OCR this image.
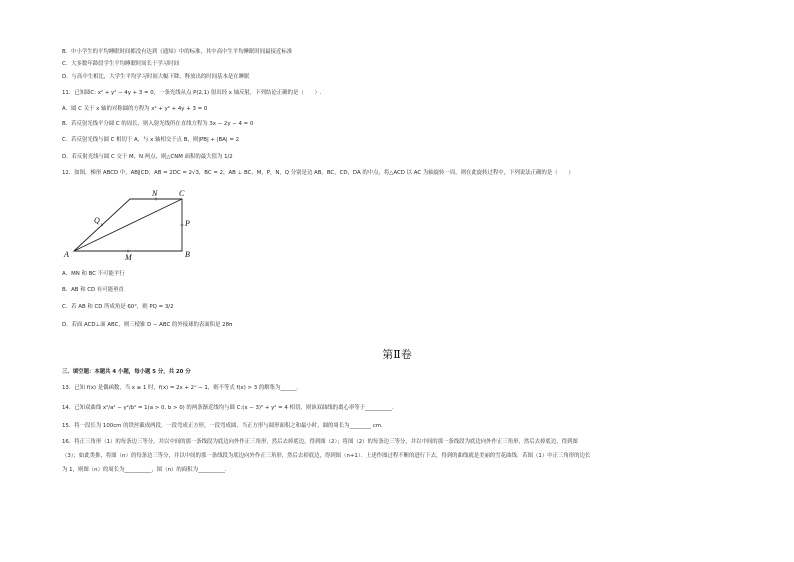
B．中小学生的平均睡眠时间都没有达到《通知》中的标准，其中高中生平均睡眠时间最接近标准
C．大多数年龄段学生平均睡眠时间长于学习时间
D．与高中生相比，大学生平均学习时间大幅下降，释放出的时间基本是在睡眠
11．已知圆C: x² + y² − 4y + 3 = 0，一条光线从点 P(2,1) 射出经 x 轴反射，下列结论正确的是（　　）.
A．圆 C 关于 x 轴的对称圆的方程为 x² + y² + 4y + 3 = 0
B．若反射光线平分圆 C 的周长，则入射光线所在直线方程为 3x − 2y − 4 = 0
C．若反射光线与圆 C 相切于 A，与 x 轴相交于点 B，则|PB| + |BA| = 2
D．若反射光线与圆 C 交于 M、N 两点，则△CNM 面积的最大值为 1/2
12．如图，梯形 ABCD 中，AB∥CD，AB = 2DC = 2√3，BC = 2，AB ⊥ BC，M，P，N，Q 分别是边 AB，BC，CD，DA 的中点，将△ACD 以 AC 为轴旋转一周，则在此旋转过程中，下列说法正确的是（　　）
N	C
Q	P
A	M	B
A．MN 和 BC 不可能平行
B．AB 和 CD 有可能垂直
C．若 AB 和 CD 所成角是 60°，则 PQ = 3/2
D．若面 ACD⊥面 ABC，则三棱锥 D − ABC 的外接球的表面积是 28π
第Ⅱ卷
三、填空题：本题共 4 小题，每小题 5 分，共 20 分
13．已知 f(x) 是偶函数，当 x ≥ 1 时，f(x) = 2x + 2ˣ − 1，则不等式 f(x) > 3 的解集为______.
14．已知双曲线 x²/a² − y²/b² = 1(a > 0, b > 0) 的两条渐近线均与圆 C:(x − 3)² + y² = 4 相切，则该双曲线的离心率等于__________.
15．将一段长为 100cm 的铁丝截成两段，一段弯成正方形，一段弯成圆，当正方形与圆形面积之和最小时，圆的周长为________ cm.
16．将正三角形（1）的每条边三等分，并以中间的那一条线段为底边向外作正三角形，然后去掉底边，得到图（2）；将图（2）的每条边三等分，并以中间的那一条线段为底边向外作正三角形，然后去掉底边，得到图
（3）；如此类推，将图（n）的每条边三等分，并以中间的那一条线段为底边向外作正三角形，然后去掉底边，得到图（n+1）．上述作图过程不断的进行下去，得到的曲线就是美丽的雪花曲线．若图（1）中正三角形的边长
为 1，则图（n）的周长为__________，图（n）的面积为__________.
